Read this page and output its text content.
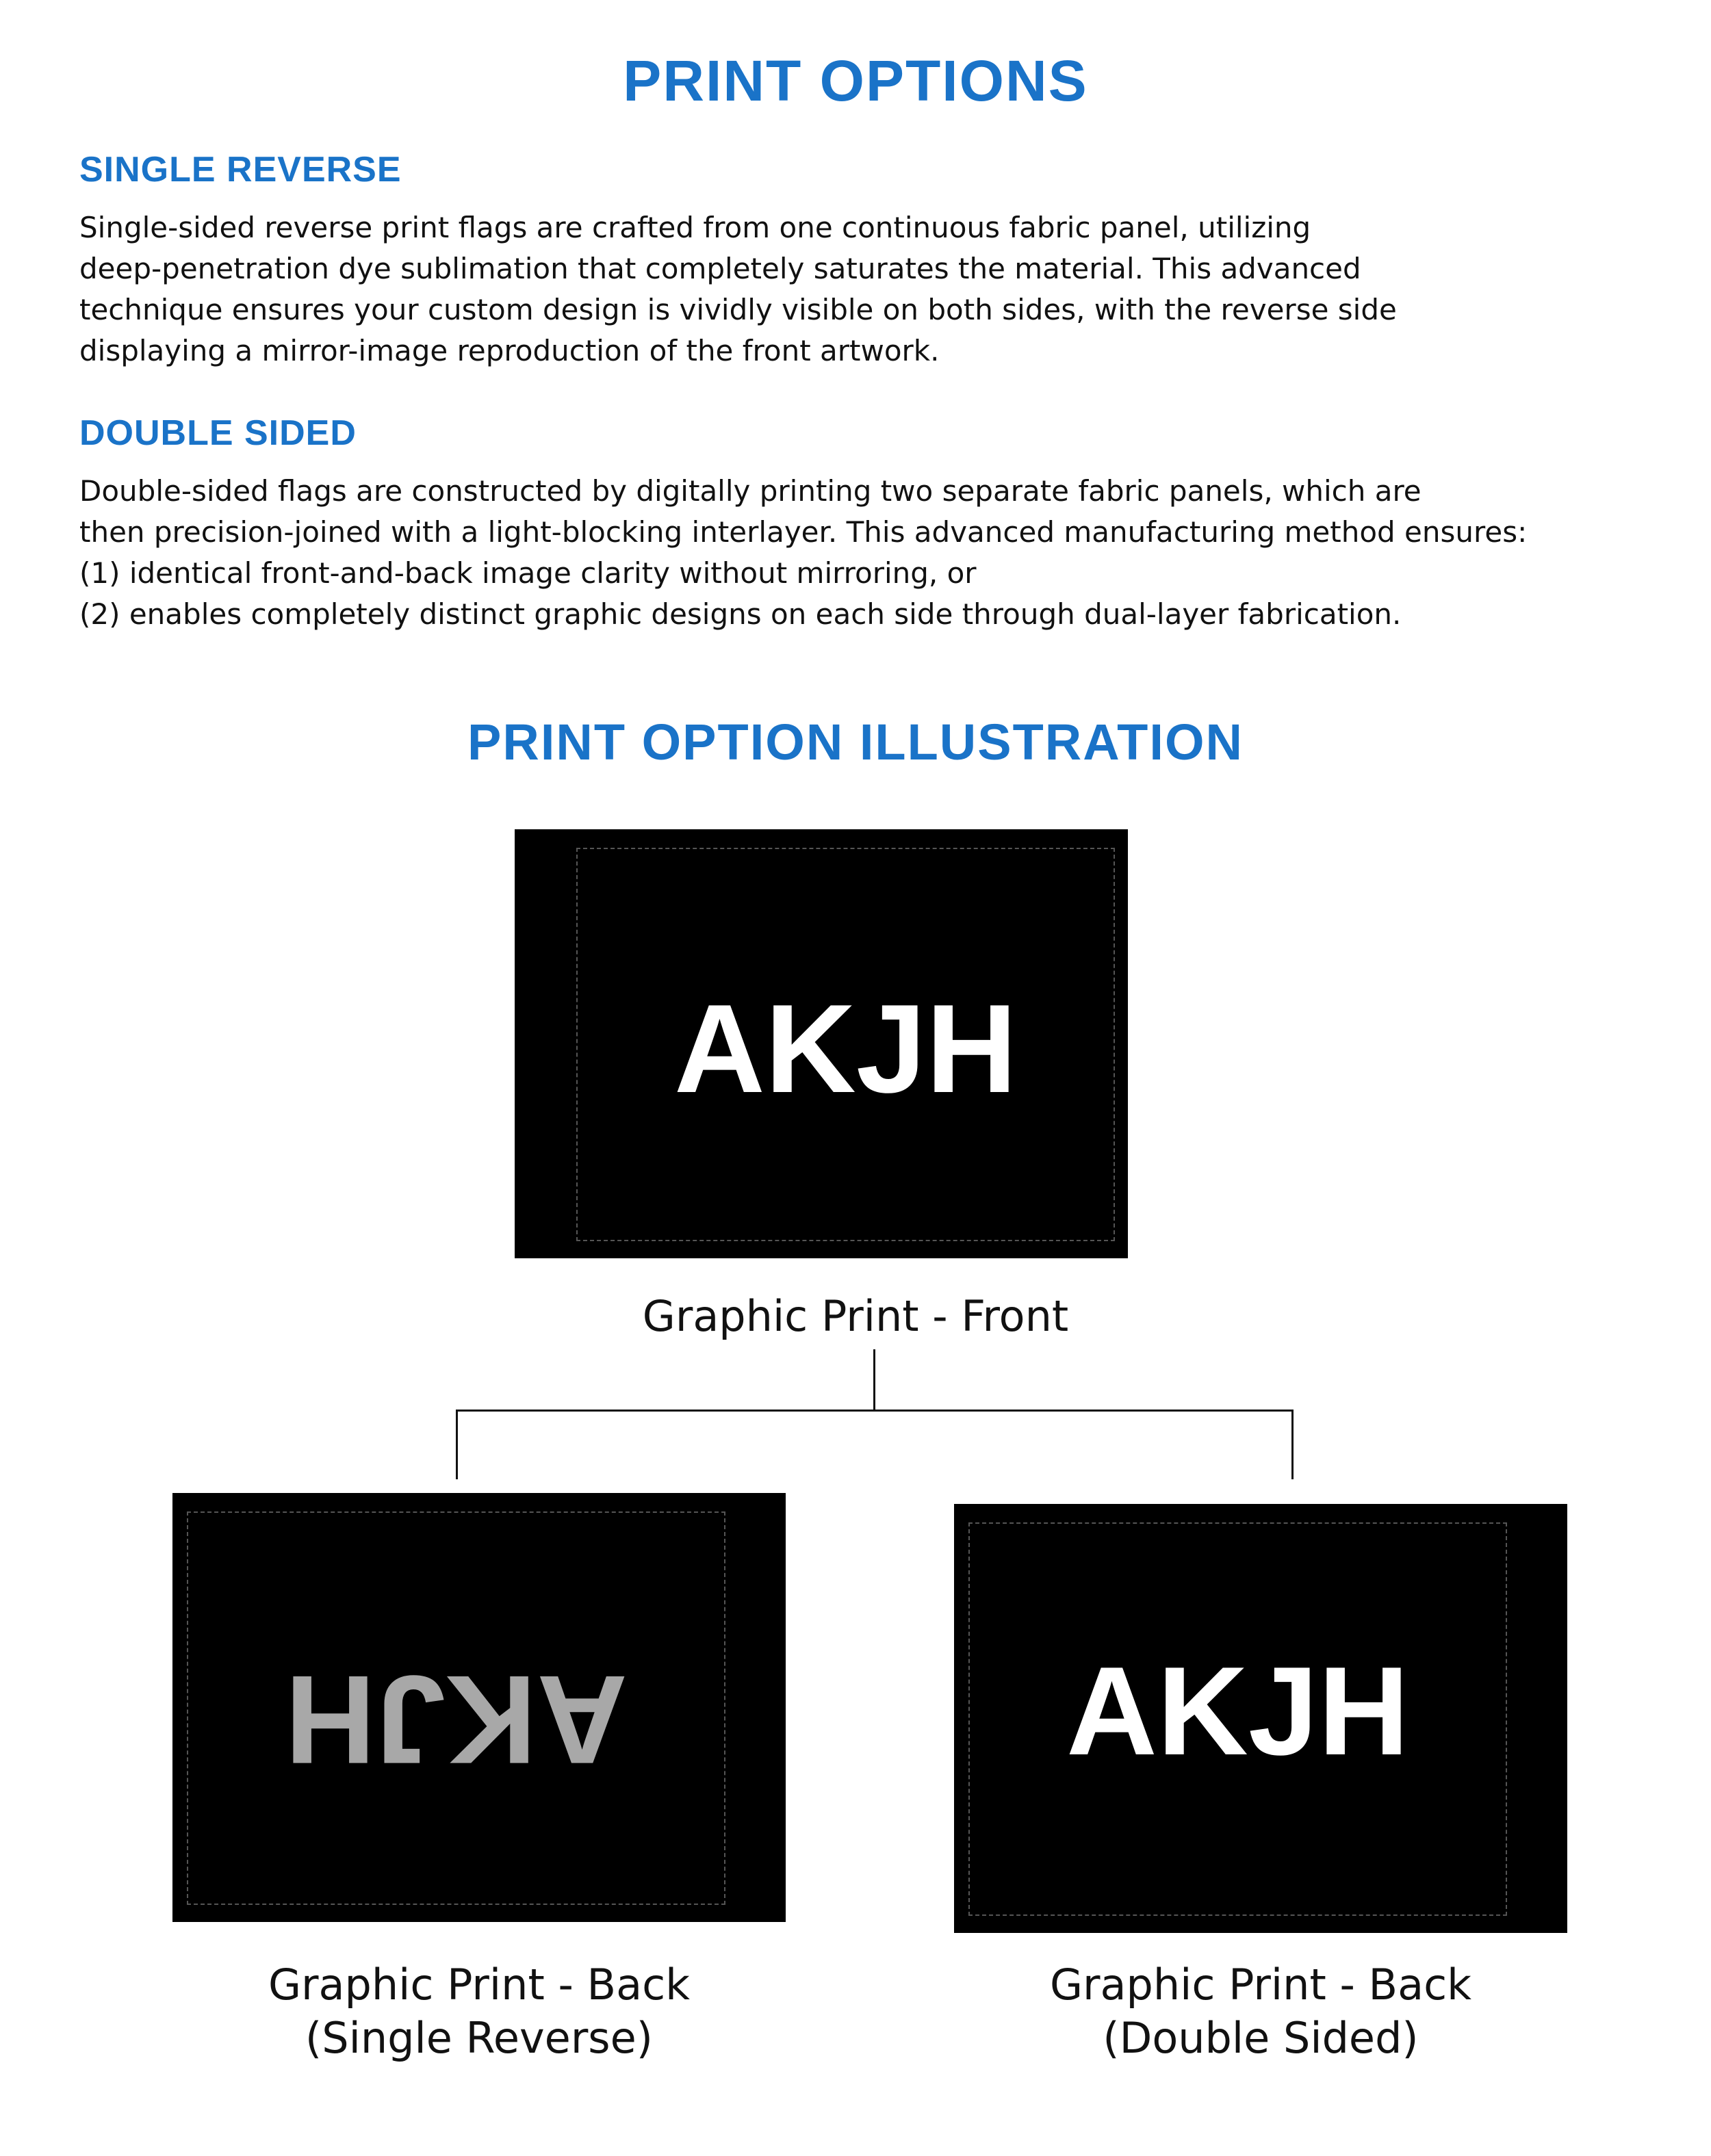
PRINT OPTIONS
SINGLE REVERSE
Single-sided reverse print flags are crafted from one continuous fabric panel, utilizing
deep-penetration dye sublimation that completely saturates the material. This advanced
technique ensures your custom design is vividly visible on both sides, with the reverse side
displaying a mirror-image reproduction of the front artwork.
DOUBLE SIDED
Double-sided flags are constructed by digitally printing two separate fabric panels, which are
then precision-joined with a light-blocking interlayer. This advanced manufacturing method ensures:
(1) identical front-and-back image clarity without mirroring, or
(2) enables completely distinct graphic designs on each side through dual-layer fabrication.
PRINT OPTION ILLUSTRATION
AKJH
Graphic Print - Front
AKJH
Graphic Print - Back
(Single Reverse)
AKJH
Graphic Print - Back
(Double Sided)
